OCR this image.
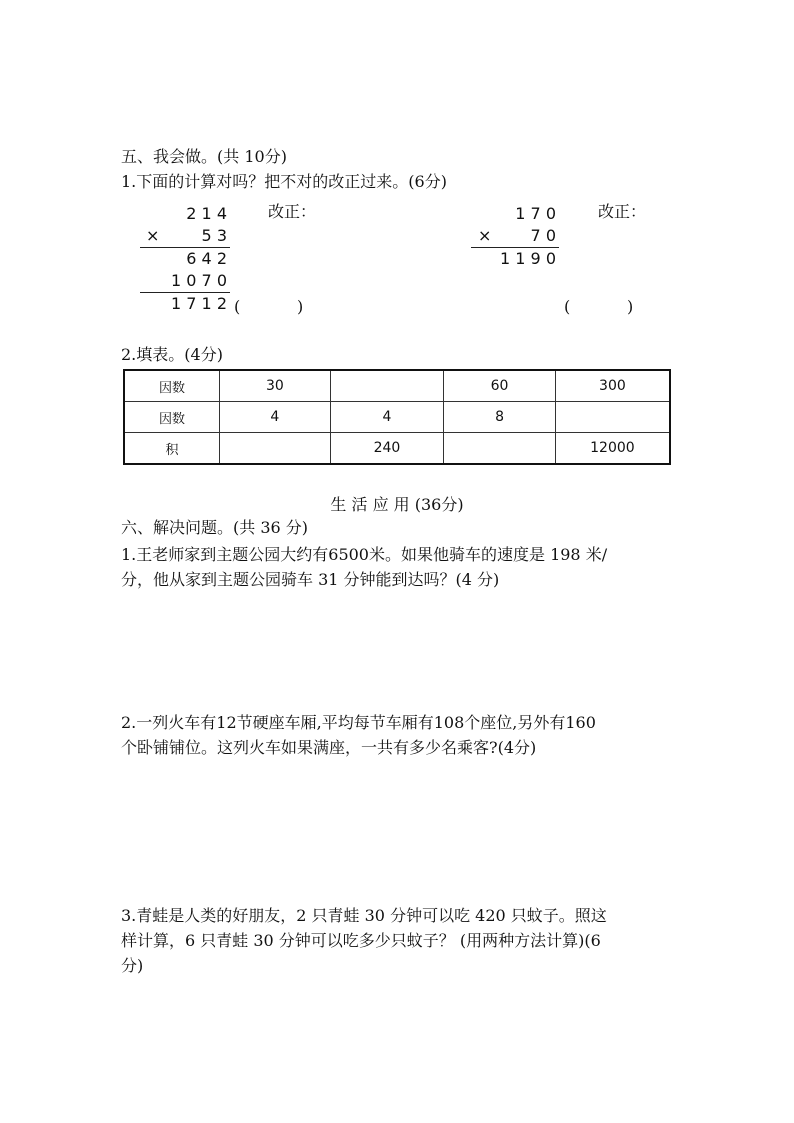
五、我会做。(共 10分)
1.下面的计算对吗？把不对的改正过来。(6分)
2 1 4
×	5 3
6 4 2
1 0 7 0
1 7 1 2
改正：
(	)
1 7 0
×	7 0
1 1 9 0
改正：
(	)
2.填表。(4分)
因数	30		60	300
因数	4	4	8	
积		240		12000
生 活 应 用 (36分)
六、解决问题。(共 36 分)
1.王老师家到主题公园大约有6500米。如果他骑车的速度是 198 米/
分，他从家到主题公园骑车 31 分钟能到达吗？(4 分)
2.一列火车有12节硬座车厢,平均每节车厢有108个座位,另外有160
个卧铺铺位。这列火车如果满座，一共有多少名乘客?(4分)
3.青蛙是人类的好朋友，2 只青蛙 30 分钟可以吃 420 只蚊子。照这
样计算，6 只青蛙 30 分钟可以吃多少只蚊子？ (用两种方法计算)(6
分)
